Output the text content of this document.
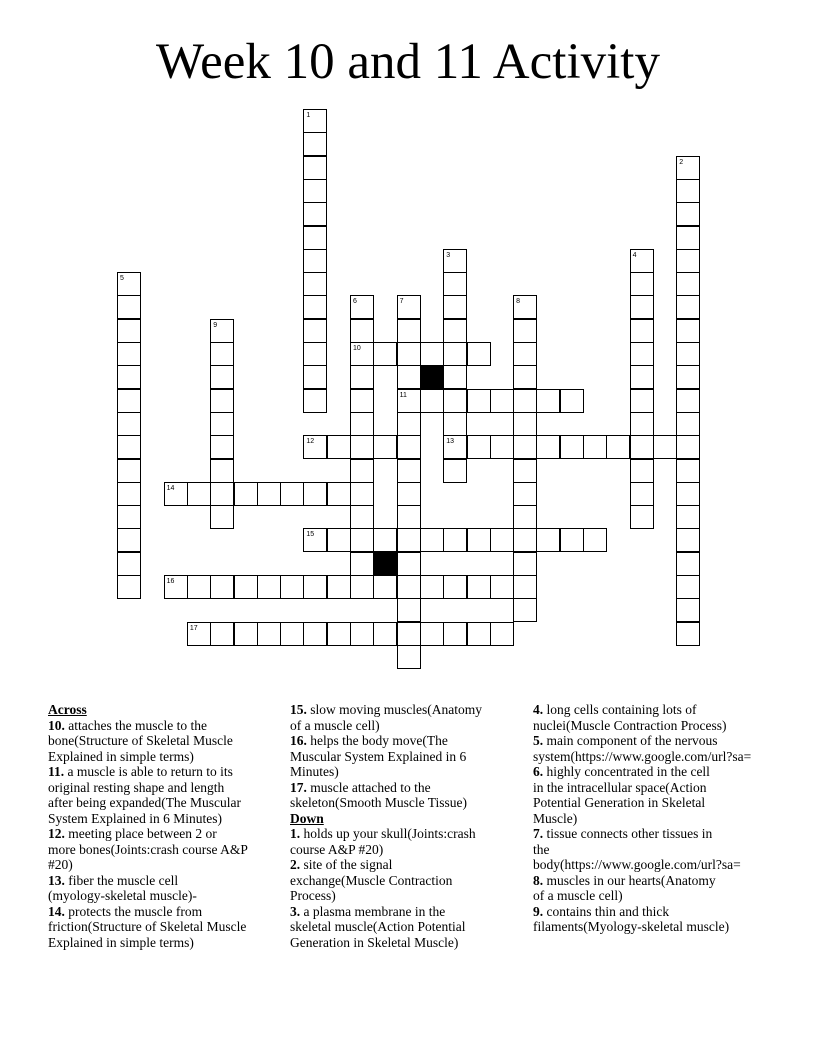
Week 10 and 11 Activity
1
2
3
13
4
5
6
10
7
11
8
9
12
14
15
16
17
Across
10. attaches the muscle to the
bone(Structure of Skeletal Muscle
Explained in simple terms)
11. a muscle is able to return to its
original resting shape and length
after being expanded(The Muscular
System Explained in 6 Minutes)
12. meeting place between 2 or
more bones(Joints:crash course A&P
#20)
13. fiber the muscle cell
(myology-skeletal muscle)-
14. protects the muscle from
friction(Structure of Skeletal Muscle
Explained in simple terms)
15. slow moving muscles(Anatomy
of a muscle cell)
16. helps the body move(The
Muscular System Explained in 6
Minutes)
17. muscle attached to the
skeleton(Smooth Muscle Tissue)
Down
1. holds up your skull(Joints:crash
course A&P #20)
2. site of the signal
exchange(Muscle Contraction
Process)
3. a plasma membrane in the
skeletal muscle(Action Potential
Generation in Skeletal Muscle)
4. long cells containing lots of
nuclei(Muscle Contraction Process)
5. main component of the nervous
system(https://www.google.com/url?sa=
6. highly concentrated in the cell
in the intracellular space(Action
Potential Generation in Skeletal
Muscle)
7. tissue connects other tissues in
the
body(https://www.google.com/url?sa=
8. muscles in our hearts(Anatomy
of a muscle cell)
9. contains thin and thick
filaments(Myology-skeletal muscle)
